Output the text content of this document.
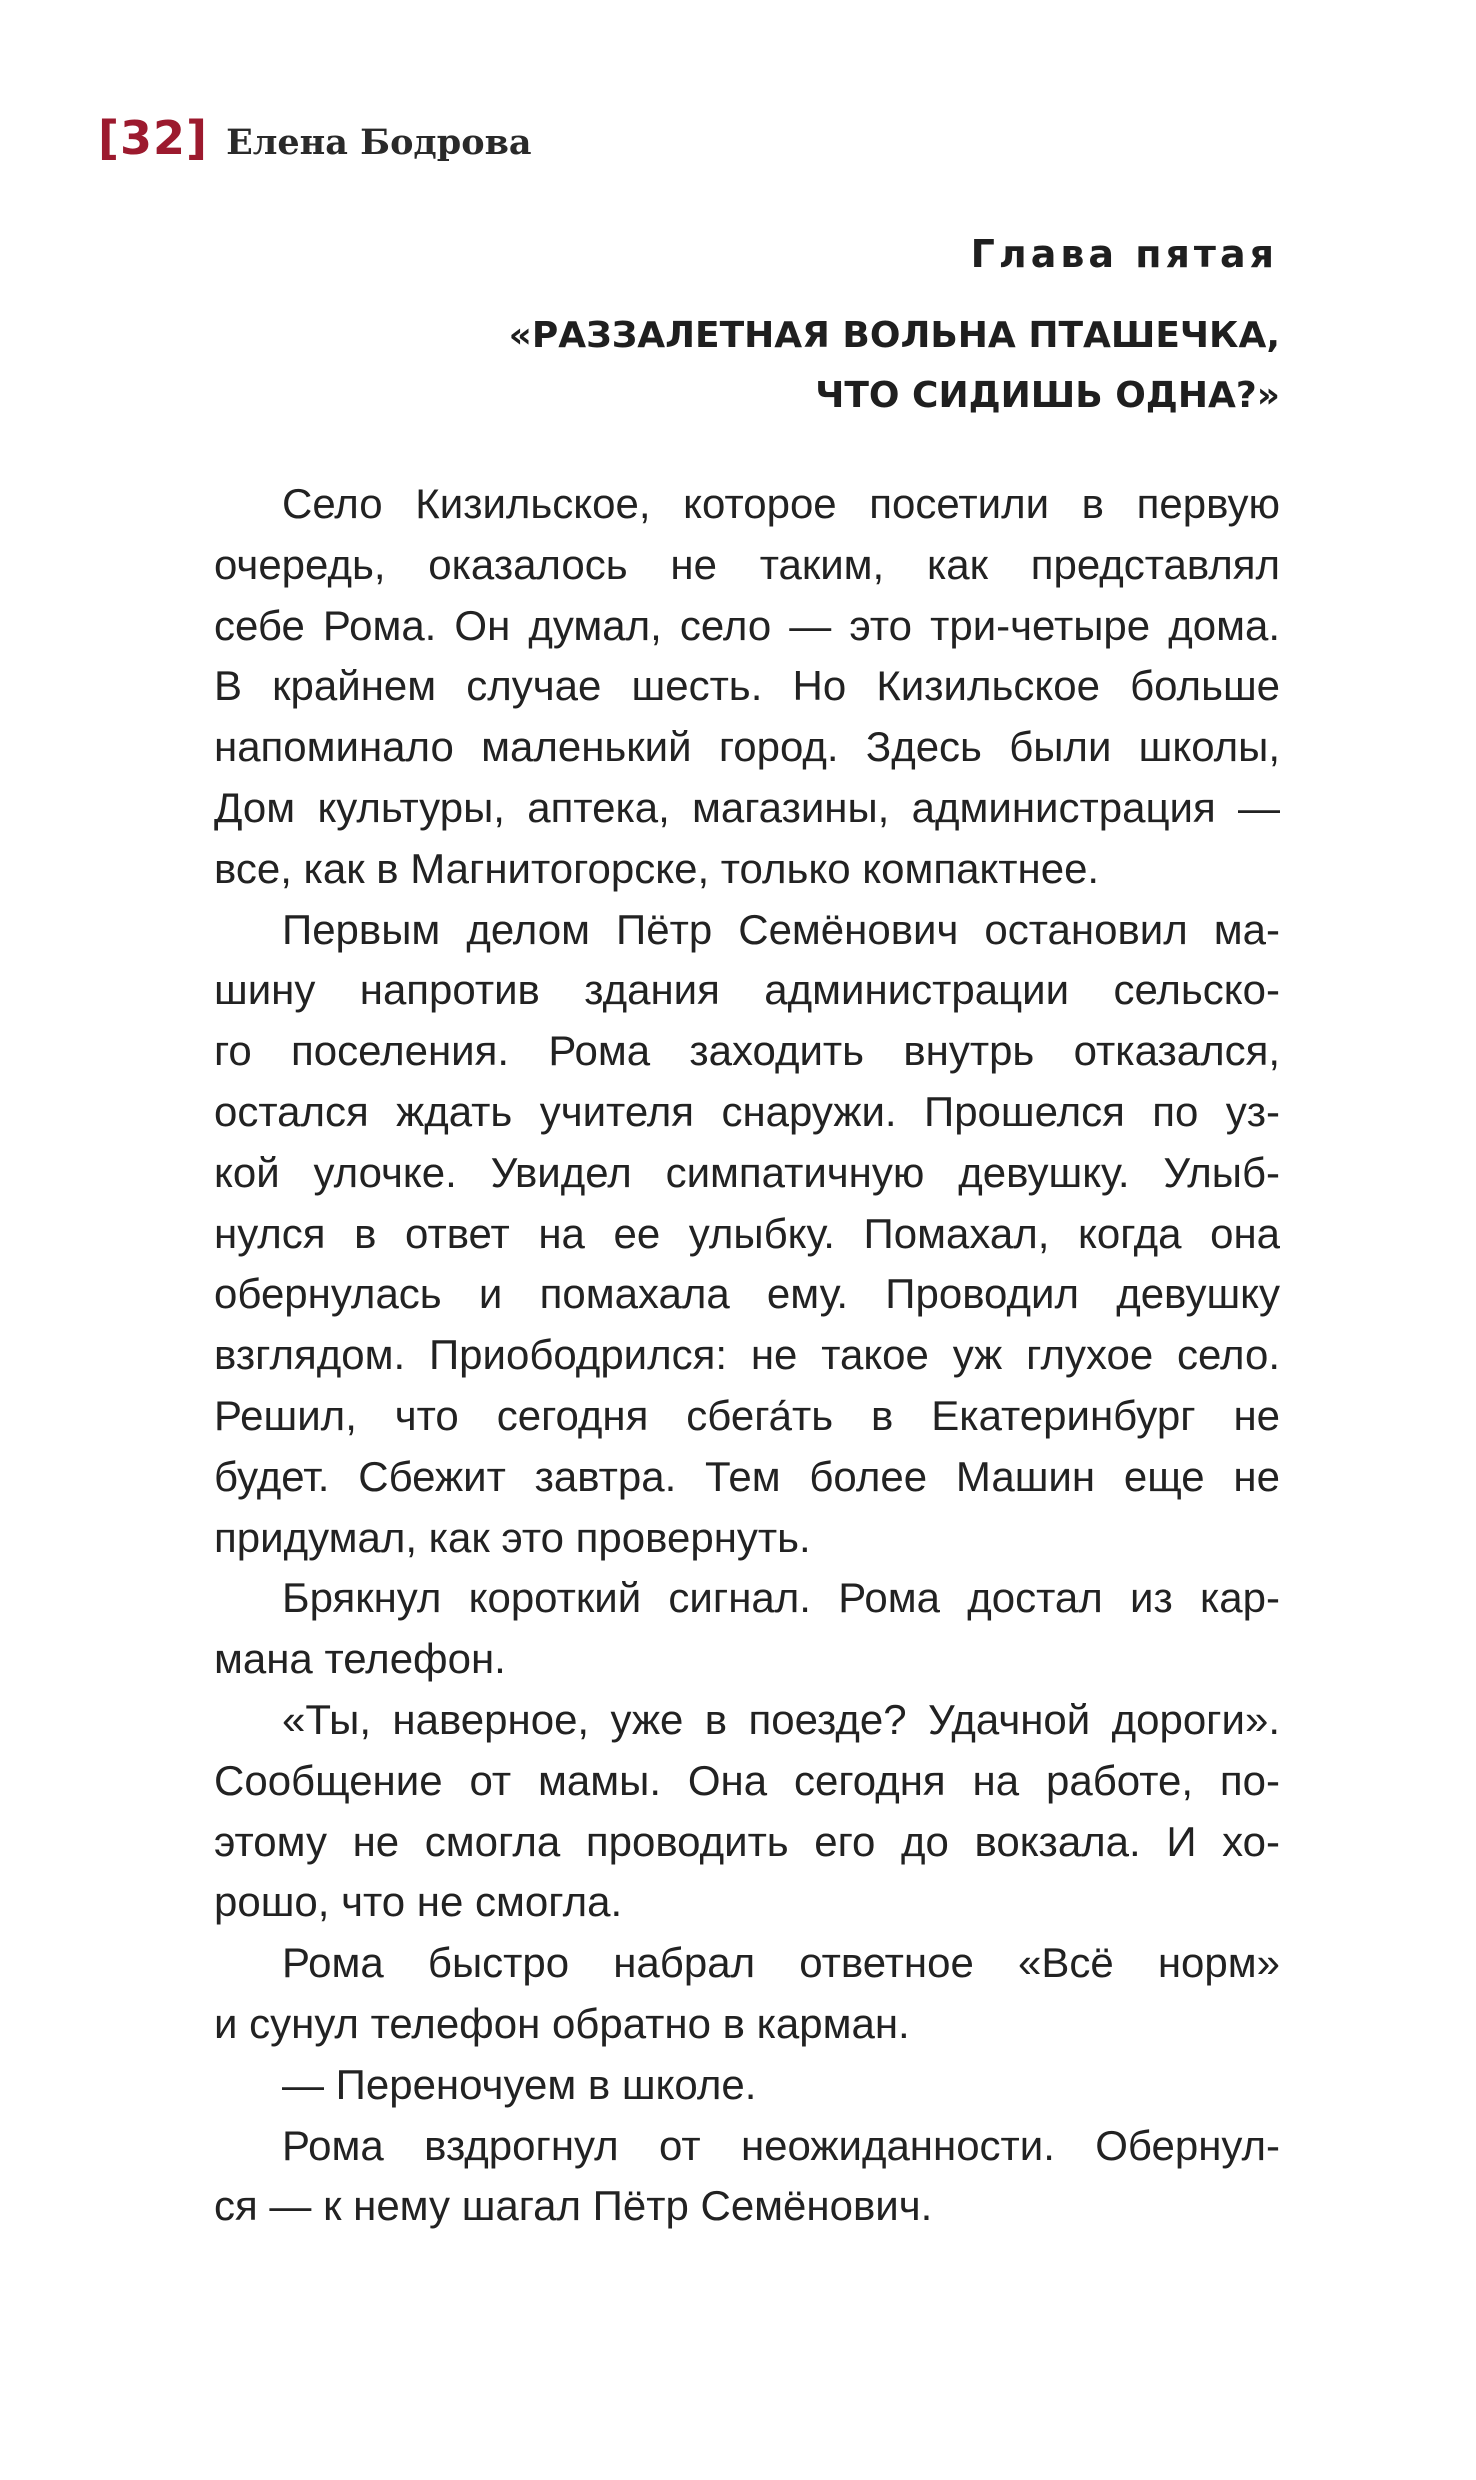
[32] Елена Бодрова
Глава пятая
«РАЗЗАЛЕТНАЯ ВОЛЬНА ПТАШЕЧКА,
ЧТО СИДИШЬ ОДНА?»
Село Кизильское, которое посетили в первую
очередь, оказалось не таким, как представлял
себе Рома. Он думал, село — это три-четыре дома.
В крайнем случае шесть. Но Кизильское больше
напоминало маленький город. Здесь были школы,
Дом культуры, аптека, магазины, администрация —
все, как в Магнитогорске, только компактнее.
Первым делом Пётр Семёнович остановил ма-
шину напротив здания администрации сельско-
го поселения. Рома заходить внутрь отказался,
остался ждать учителя снаружи. Прошелся по уз-
кой улочке. Увидел симпатичную девушку. Улыб-
нулся в ответ на ее улыбку. Помахал, когда она
обернулась и помахала ему. Проводил девушку
взглядом. Приободрился: не такое уж глухое село.
Решил, что сегодня сбега́ть в Екатеринбург не
будет. Сбежит завтра. Тем более Машин еще не
придумал, как это провернуть.
Брякнул короткий сигнал. Рома достал из кар-
мана телефон.
«Ты, наверное, уже в поезде? Удачной дороги».
Сообщение от мамы. Она сегодня на работе, по-
этому не смогла проводить его до вокзала. И хо-
рошо, что не смогла.
Рома быстро набрал ответное «Всё норм»
и сунул телефон обратно в карман.
— Переночуем в школе.
Рома вздрогнул от неожиданности. Обернул-
ся — к нему шагал Пётр Семёнович.
